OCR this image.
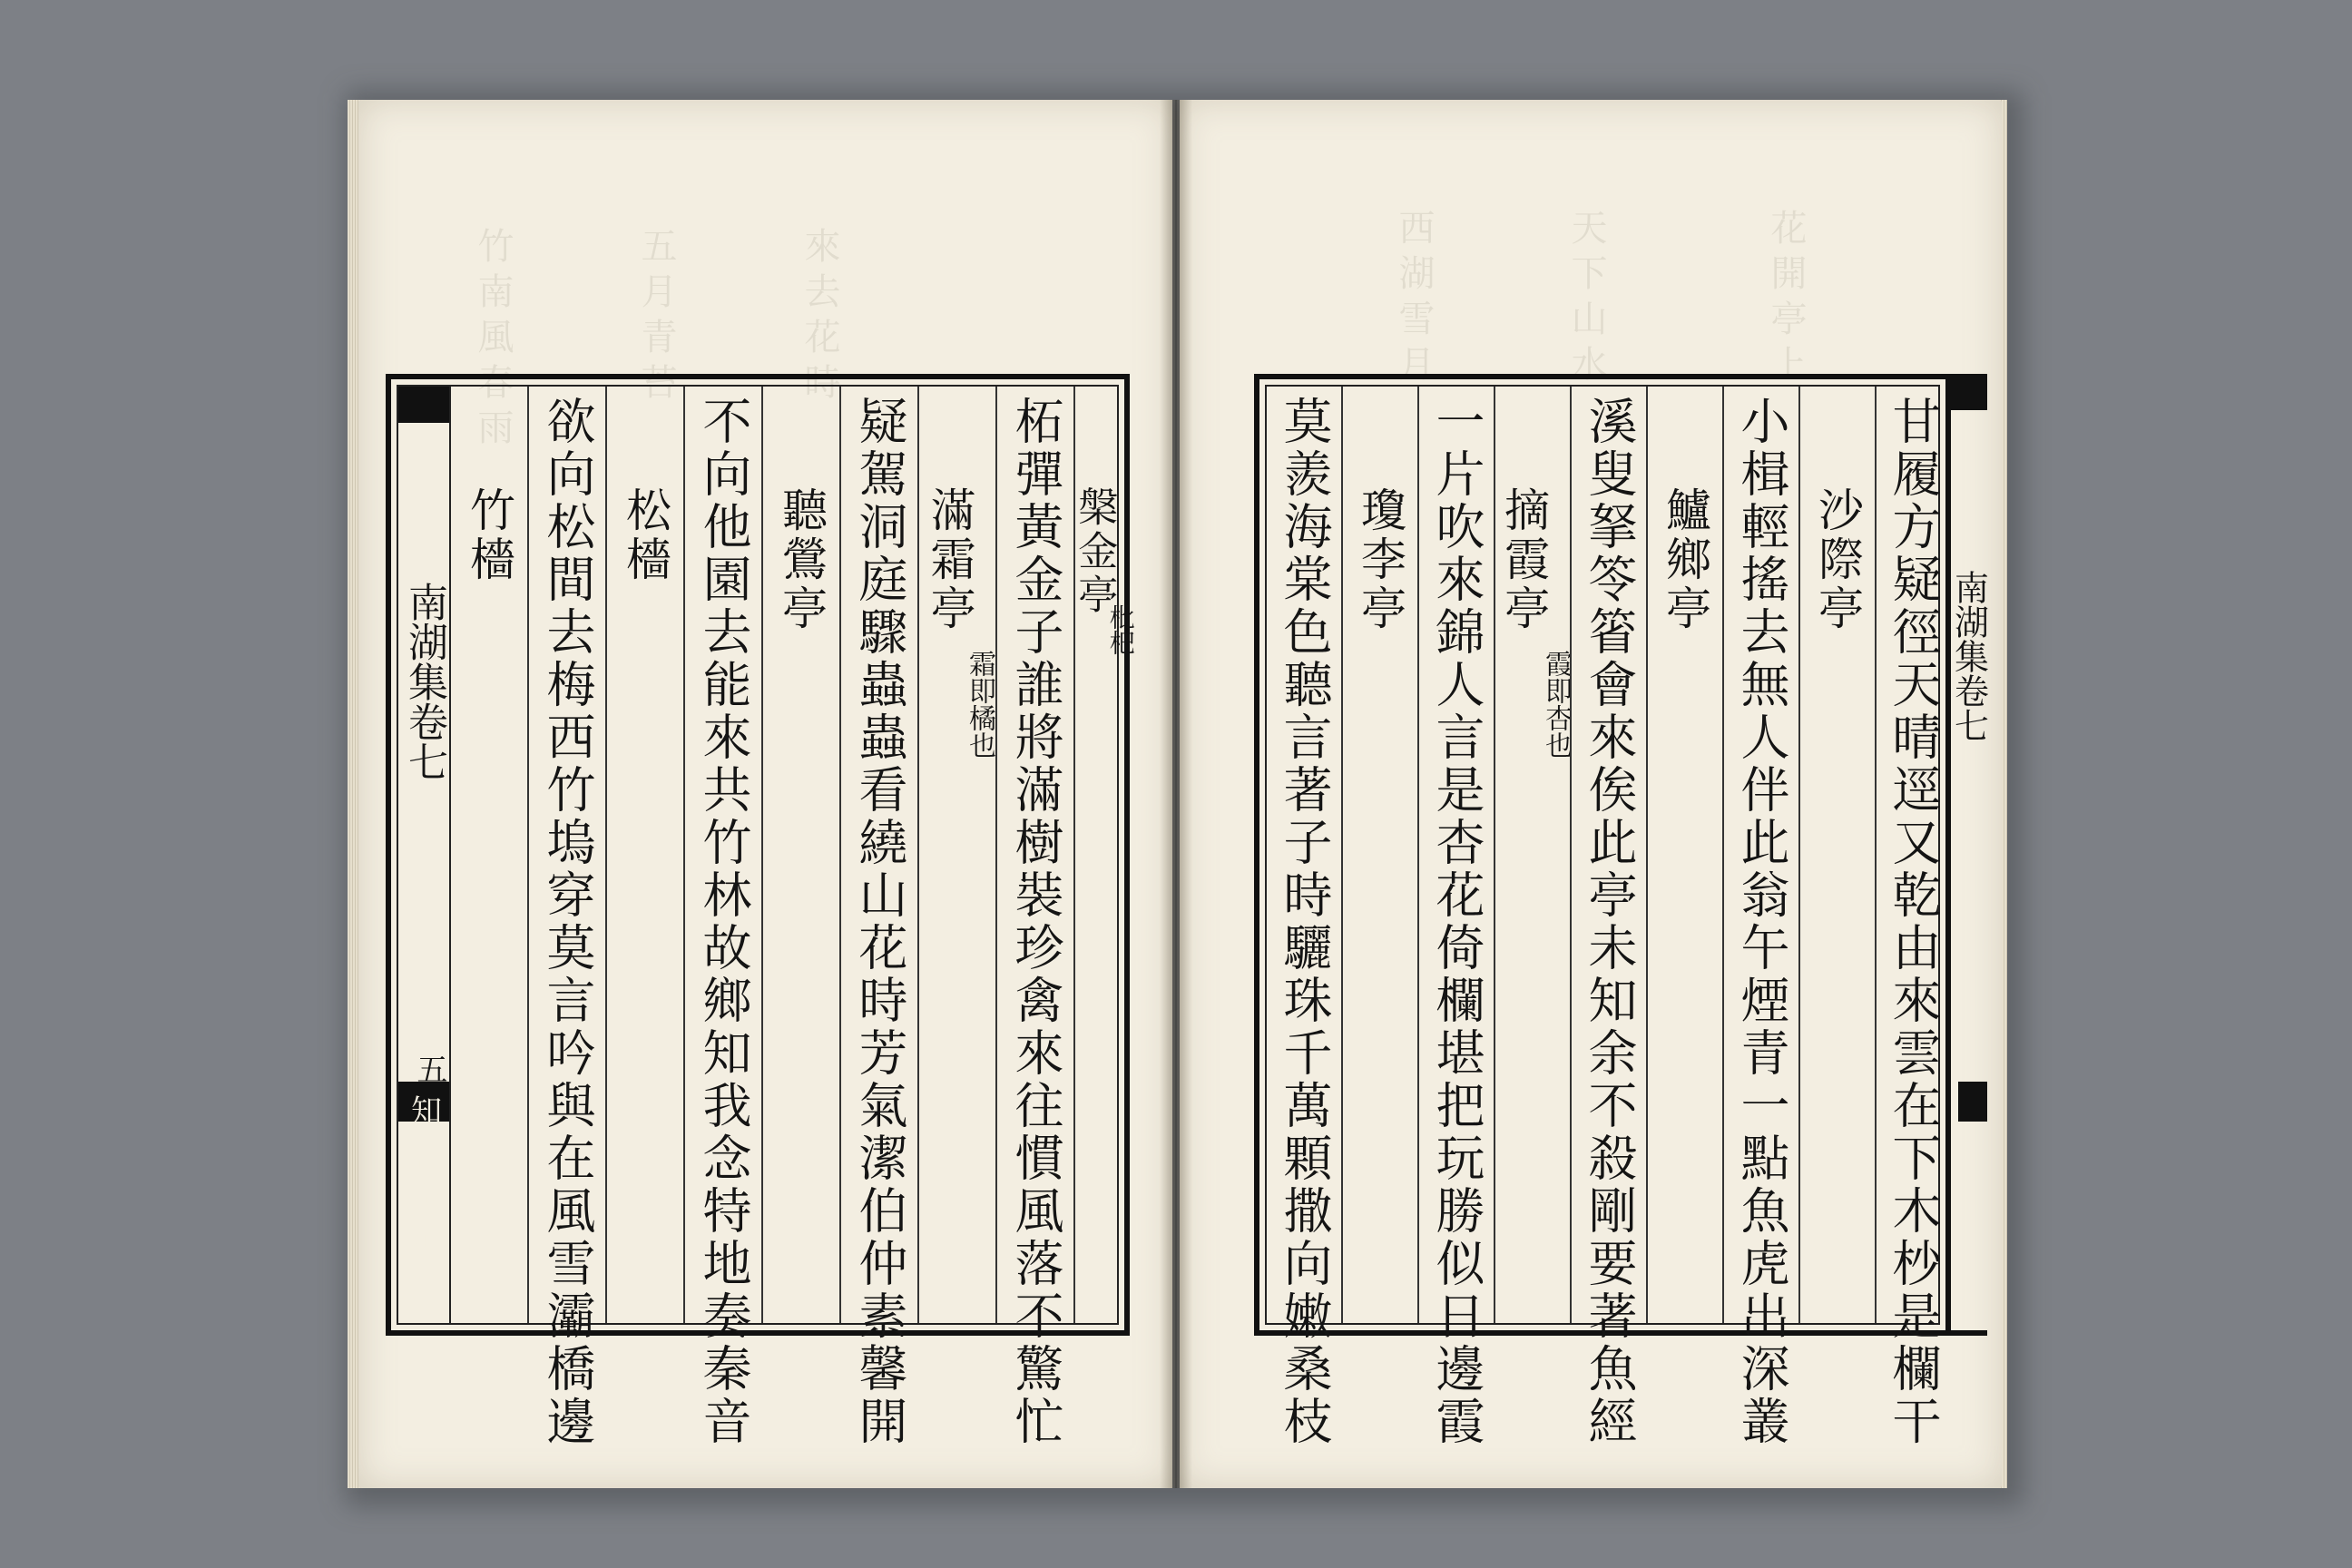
竹南風春雨	五月青苔	來去花時	西湖雪月	天下山水	花開亭上
南湖集卷七
五
知不足齋叢書
竹檣 欲向松間去梅西竹塢穿莫言吟與在風雪灞橋邊 松檣 不向他園去能來共竹林故鄉知我念特地奏秦音 聽鶯亭 疑駕洞庭驟蟲蟲看繞山花時芳氣潔伯仲素馨開 滿霜亭
霜即橘也 柘彈黃金子誰將滿樹裝珍禽來往慣風落不驚忙 槃金亭
枇杷	莫羨海棠色聽言著子時驪珠千萬顆撒向嫩桑枝 瓊李亭 一片吹來錦人言是杏花倚欄堪把玩勝似日邊霞 摘霞亭
霞即杏也 溪叟拏笭箵會來俟此亭未知余不殺剛要著魚經 鱸鄉亭 小楫輕搖去無人伴此翁午煙青一點魚虎出深叢 沙際亭 甘履方疑徑天晴逕又乾由來雲在下木杪是欄干 南湖集卷七
